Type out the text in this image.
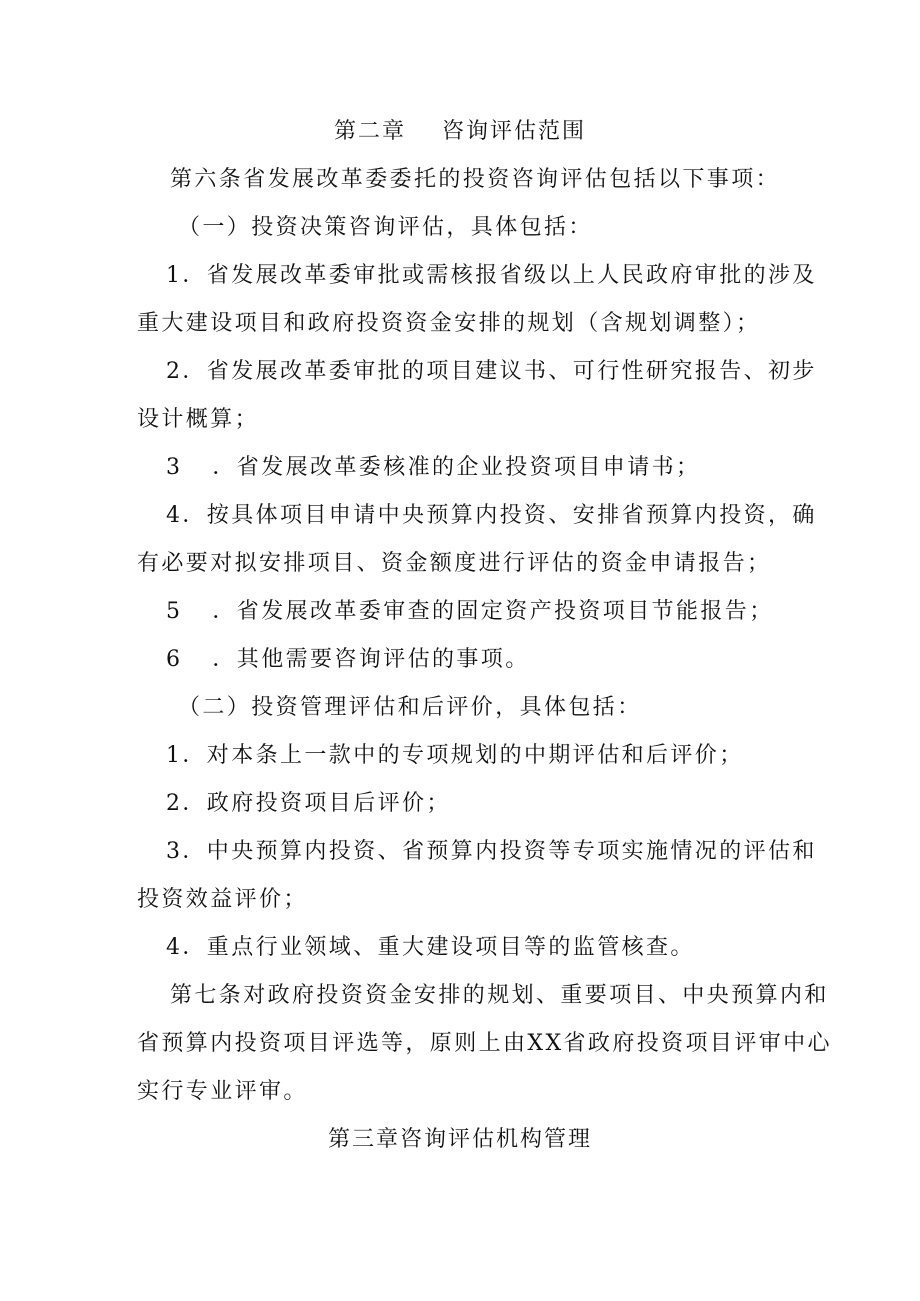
第二章 咨询评估范围

第六条省发展改革委委托的投资咨询评估包括以下事项：

（一）投资决策咨询评估，具体包括：

1．省发展改革委审批或需核报省级以上人民政府审批的涉及

重大建设项目和政府投资资金安排的规划（含规划调整）；

2．省发展改革委审批的项目建议书、可行性研究报告、初步

设计概算；

3 ．省发展改革委核准的企业投资项目申请书；

4．按具体项目申请中央预算内投资、安排省预算内投资，确

有必要对拟安排项目、资金额度进行评估的资金申请报告；

5 ．省发展改革委审查的固定资产投资项目节能报告；

6 ．其他需要咨询评估的事项。

（二）投资管理评估和后评价，具体包括：

1．对本条上一款中的专项规划的中期评估和后评价；

2．政府投资项目后评价；

3．中央预算内投资、省预算内投资等专项实施情况的评估和

投资效益评价；

4．重点行业领域、重大建设项目等的监管核查。

第七条对政府投资资金安排的规划、重要项目、中央预算内和

省预算内投资项目评选等，原则上由XX省政府投资项目评审中心

实行专业评审。

第三章咨询评估机构管理
